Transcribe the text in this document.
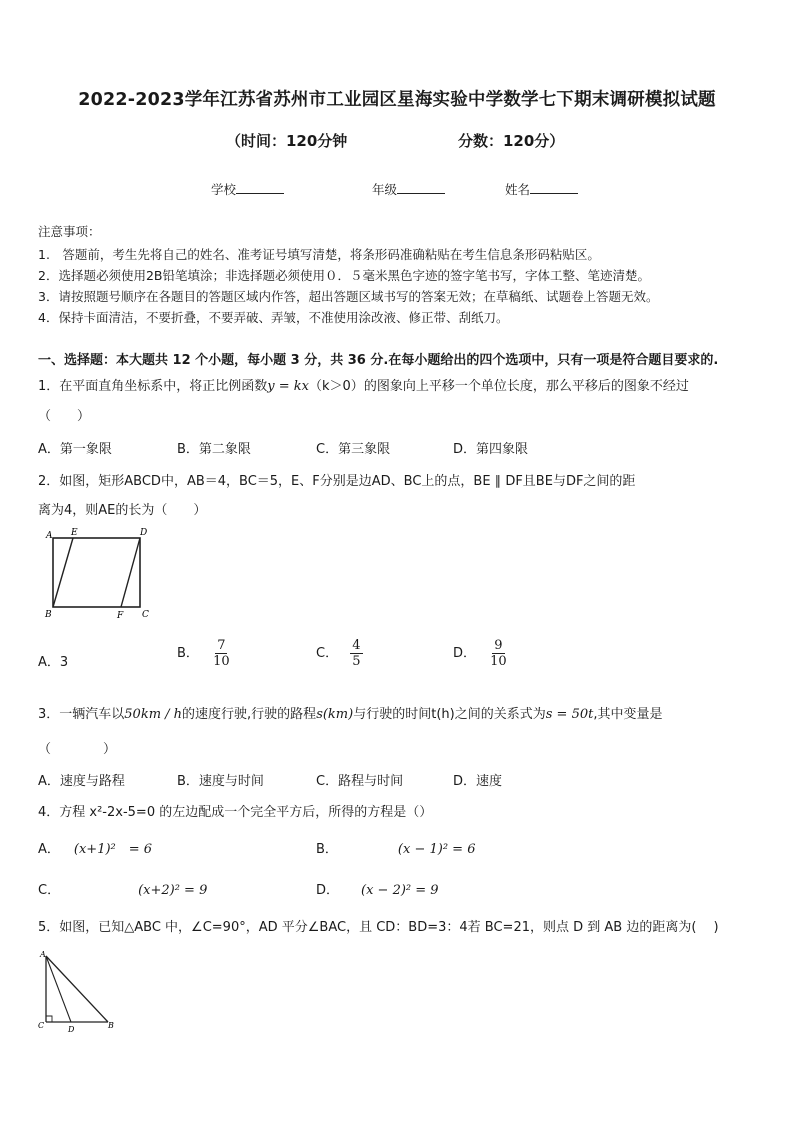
2022-2023学年江苏省苏州市工业园区星海实验中学数学七下期末调研模拟试题
（时间：120分钟	分数：120分）
学校	年级	姓名
注意事项：
1.　答题前，考生先将自己的姓名、准考证号填写清楚，将条形码准确粘贴在考生信息条形码粘贴区。
2．选择题必须使用2B铅笔填涂；非选择题必须使用０．５毫米黑色字迹的签字笔书写，字体工整、笔迹清楚。
3．请按照题号顺序在各题目的答题区域内作答，超出答题区域书写的答案无效；在草稿纸、试题卷上答题无效。
4．保持卡面清洁，不要折叠，不要弄破、弄皱，不准使用涂改液、修正带、刮纸刀。
一、选择题：本大题共 12 个小题，每小题 3 分，共 36 分.在每小题给出的四个选项中，只有一项是符合题目要求的.
1．在平面直角坐标系中，将正比例函数y = kx（k＞0）的图象向上平移一个单位长度，那么平移后的图象不经过
（　　）
A．第一象限	B．第二象限	C．第三象限	D．第四象限
2．如图，矩形ABCD中，AB＝4，BC＝5，E、F分别是边AD、BC上的点，BE ∥ DF且BE与DF之间的距
离为4，则AE的长为（　　）
A E	D
B	F C
A．3
B． $\frac{7}{10}$	C． $\frac{4}{5}$	D． $\frac{9}{10}$
3．一辆汽车以50km / h的速度行驶,行驶的路程s(km)与行驶的时间t(h)之间的关系式为s = 50t,其中变量是
（　　　　）
A．速度与路程	B．速度与时间	C．路程与时间	D．速度
4．方程 x²-2x-5=0 的左边配成一个完全平方后，所得的方程是（）
A． (x+1)²　= 6	B．	(x − 1)² = 6
C．	(x+2)² = 9	D． (x − 2)² = 9
5．如图，已知△ABC 中，∠C=90°，AD 平分∠BAC，且 CD：BD=3：4若 BC=21，则点 D 到 AB 边的距离为(　 )
A
C	D	B
